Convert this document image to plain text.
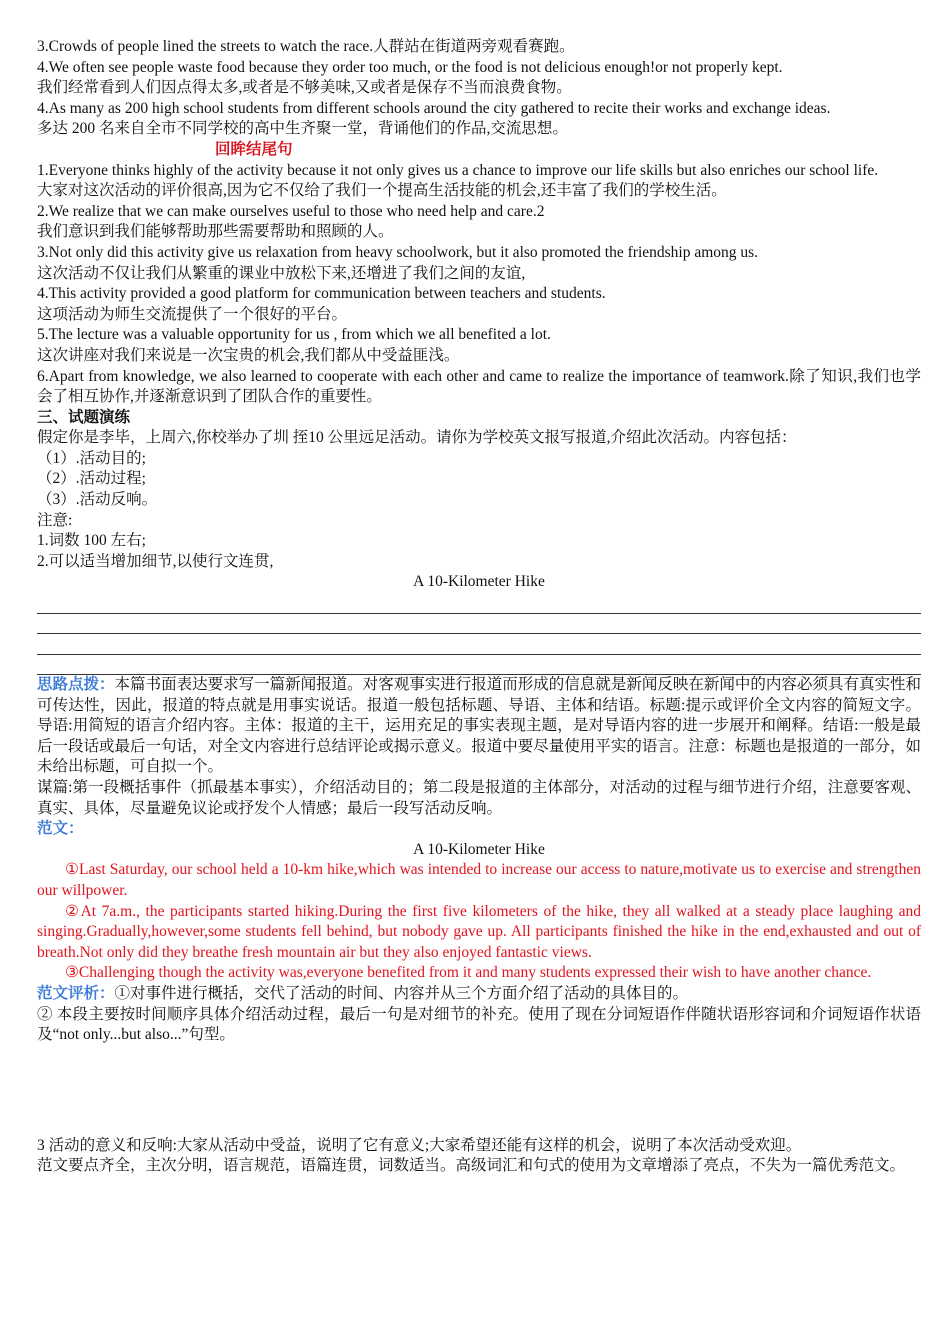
3.Crowds of people lined the streets to watch the race.人群站在街道两旁观看赛跑。

4.We often see people waste food because they order too much, or the food is not delicious enough!or not properly kept.

我们经常看到人们因点得太多,或者是不够美味,又或者是保存不当而浪费食物。

4.As many as 200 high school students from different schools around the city gathered to recite their works and exchange ideas.

多达 200 名来自全市不同学校的高中生齐聚一堂，背诵他们的作品,交流思想。

回眸结尾句

1.Everyone thinks highly of the activity because it not only gives us a chance to improve our life skills but also enriches our school life.

大家对这次活动的评价很高,因为它不仅给了我们一个提高生活技能的机会,还丰富了我们的学校生活。

2.We realize that we can make ourselves useful to those who need help and care.2

我们意识到我们能够帮助那些需要帮助和照顾的人。

3.Not only did this activity give us relaxation from heavy schoolwork, but it also promoted the friendship among us.

这次活动不仅让我们从繁重的课业中放松下来,还增进了我们之间的友谊,

4.This activity provided a good platform for communication between teachers and students.

这项活动为师生交流提供了一个很好的平台。

5.The lecture was a valuable opportunity for us , from which we all benefited a lot.

这次讲座对我们来说是一次宝贵的机会,我们都从中受益匪浅。

6.Apart from knowledge, we also learned to cooperate with each other and came to realize the importance of teamwork.除了知识,我们也学会了相互协作,并逐渐意识到了团队合作的重要性。

三、试题演练

假定你是李毕，上周六,你校举办了圳 挃10 公里远足活动。请你为学校英文报写报道,介绍此次活动。内容包括：

（1）.活动目的;

（2）.活动过程;

（3）.活动反响。

注意:

1.词数 100 左右;

2.可以适当增加细节,以使行文连贯,

A 10-Kilometer Hike

思路点拨：本篇书面表达要求写一篇新闻报道。对客观事实进行报道而形成的信息就是新闻反映在新闻中的内容必须具有真实性和可传达性，因此，报道的特点就是用事实说话。报道一般包括标题、导语、主体和结语。标题:提示或评价全文内容的简短文字。导语:用简短的语言介绍内容。主体：报道的主干，运用充足的事实表现主题，是对导语内容的进一步展开和阐释。结语:一般是最后一段话或最后一句话，对全文内容进行总结评论或揭示意义。报道中要尽量使用平实的语言。注意：标题也是报道的一部分，如未给出标题，可自拟一个。

谋篇:第一段概括事件（抓最基本事实），介绍活动目的；第二段是报道的主体部分，对活动的过程与细节进行介绍，注意要客观、真实、具体，尽量避免议论或抒发个人情感；最后一段写活动反响。

范文：

A 10-Kilometer Hike

①Last Saturday, our school held a 10-km hike,which was intended to increase our access to nature,motivate us to exercise and strengthen our willpower.

②At 7a.m., the participants started hiking.During the first five kilometers of the hike, they all walked at a steady place laughing and singing.Gradually,however,some students fell behind, but nobody gave up. All participants finished the hike in the end,exhausted and out of breath.Not only did they breathe fresh mountain air but they also enjoyed fantastic views.

③Challenging though the activity was,everyone benefited from it and many students expressed their wish to have another chance.

范文评析：①对事件进行概括，交代了活动的时间、内容并从三个方面介绍了活动的具体目的。

② 本段主要按时间顺序具体介绍活动过程，最后一句是对细节的补充。使用了现在分词短语作伴随状语形容词和介词短语作状语及“not only...but also...”句型。

3 活动的意义和反响:大家从活动中受益，说明了它有意义;大家希望还能有这样的机会，说明了本次活动受欢迎。

范文要点齐全，主次分明，语言规范，语篇连贯，词数适当。高级词汇和句式的使用为文章增添了亮点，不失为一篇优秀范文。
